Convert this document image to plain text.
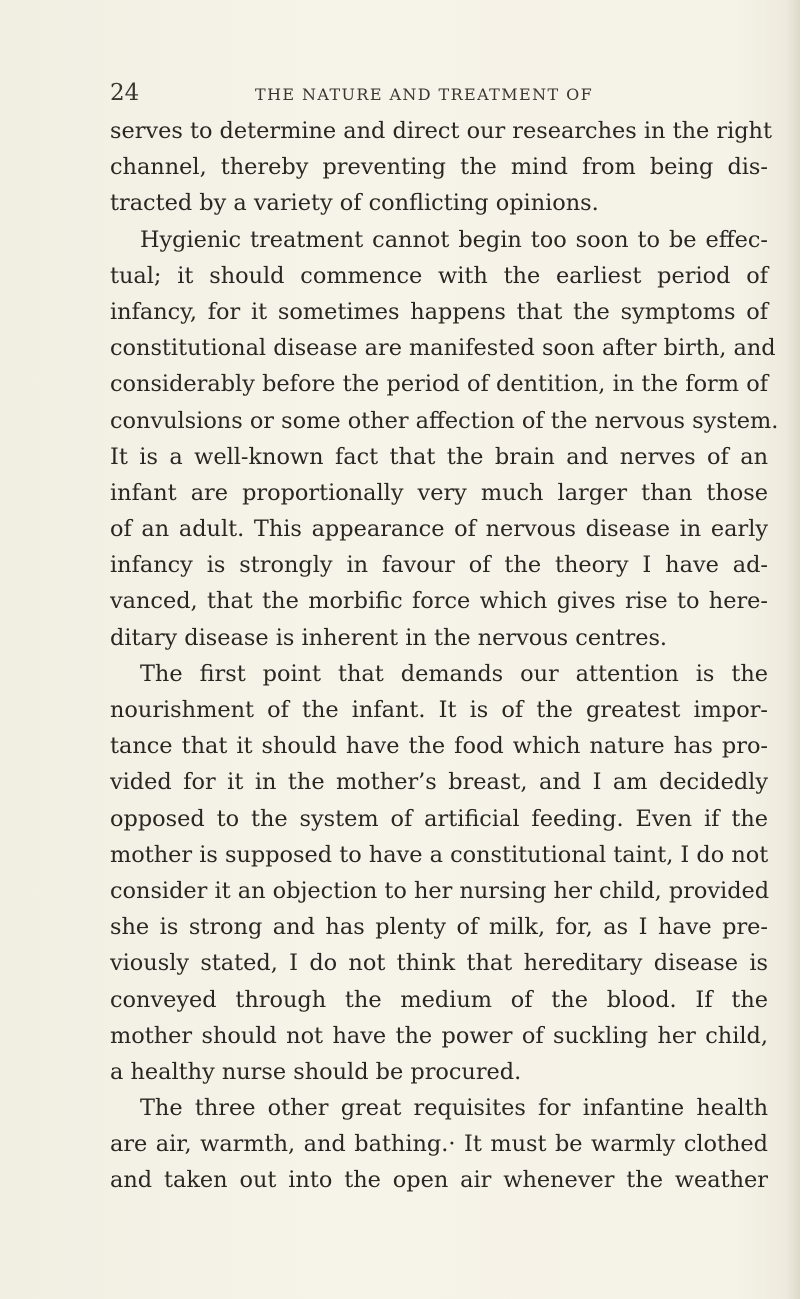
24	THE NATURE AND TREATMENT OF
serves to determine and direct our researches in the right
channel, thereby preventing the mind from being dis-
tracted by a variety of conflicting opinions.
Hygienic treatment cannot begin too soon to be effec-
tual; it should commence with the earliest period of
infancy, for it sometimes happens that the symptoms of
constitutional disease are manifested soon after birth, and
considerably before the period of dentition, in the form of
convulsions or some other affection of the nervous system.
It is a well-known fact that the brain and nerves of an
infant are proportionally very much larger than those
of an adult. This appearance of nervous disease in early
infancy is strongly in favour of the theory I have ad-
vanced, that the morbific force which gives rise to here-
ditary disease is inherent in the nervous centres.
The first point that demands our attention is the
nourishment of the infant. It is of the greatest impor-
tance that it should have the food which nature has pro-
vided for it in the mother’s breast, and I am decidedly
opposed to the system of artificial feeding. Even if the
mother is supposed to have a constitutional taint, I do not
consider it an objection to her nursing her child, provided
she is strong and has plenty of milk, for, as I have pre-
viously stated, I do not think that hereditary disease is
conveyed through the medium of the blood. If the
mother should not have the power of suckling her child,
a healthy nurse should be procured.
The three other great requisites for infantine health
are air, warmth, and bathing.· It must be warmly clothed
and taken out into the open air whenever the weather
